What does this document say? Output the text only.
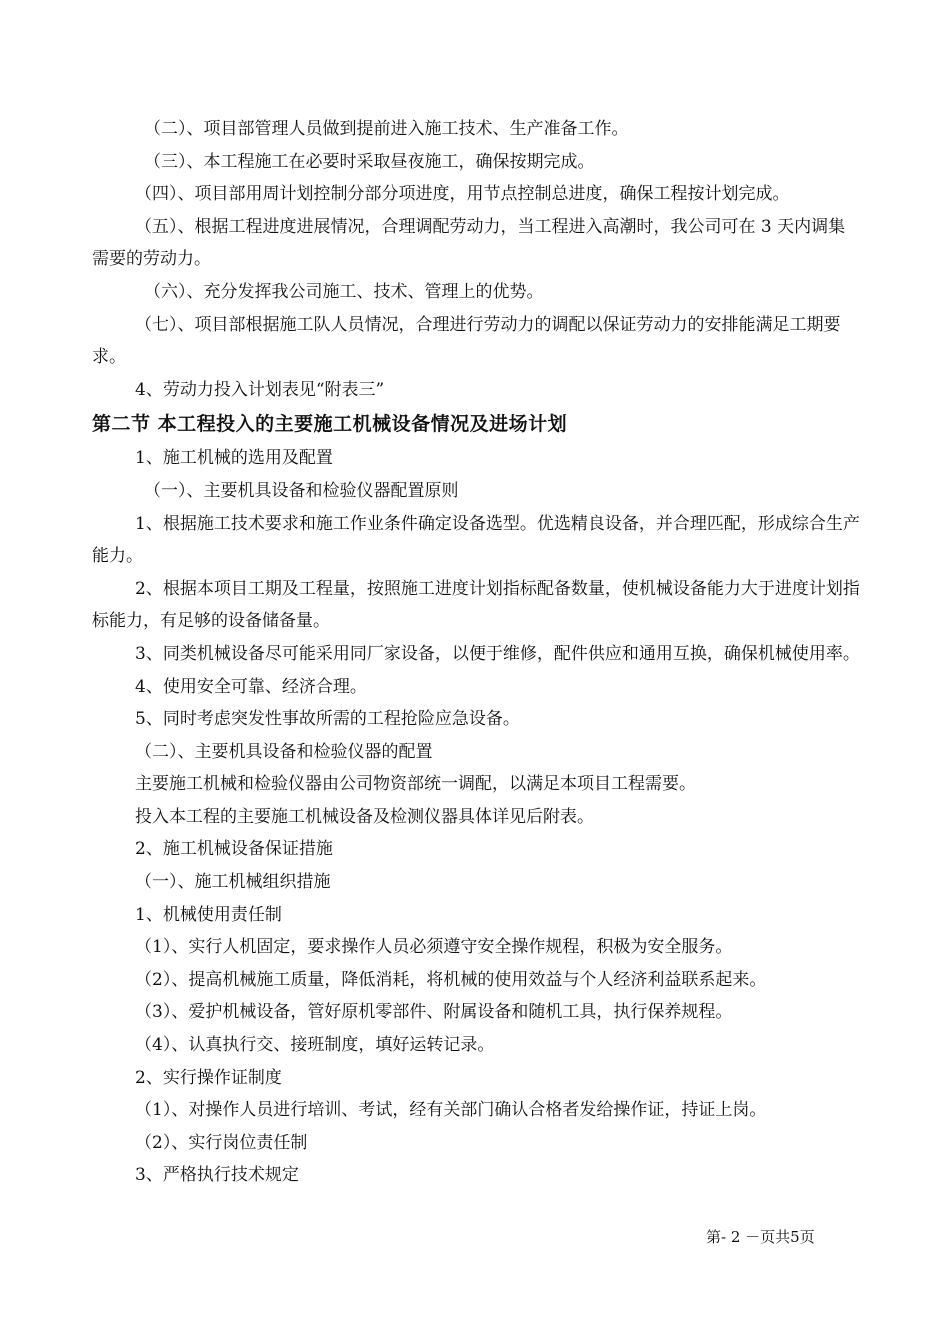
（二）、项目部管理人员做到提前进入施工技术、生产准备工作。

（三）、本工程施工在必要时采取昼夜施工，确保按期完成。

（四）、项目部用周计划控制分部分项进度，用节点控制总进度，确保工程按计划完成。

（五）、根据工程进度进展情况，合理调配劳动力，当工程进入高潮时，我公司可在 3 天内调集需要的劳动力。

（六）、充分发挥我公司施工、技术、管理上的优势。

（七）、项目部根据施工队人员情况，合理进行劳动力的调配以保证劳动力的安排能满足工期要求。

4、劳动力投入计划表见“附表三”

第二节 本工程投入的主要施工机械设备情况及进场计划

1、施工机械的选用及配置

（一）、主要机具设备和检验仪器配置原则

1、根据施工技术要求和施工作业条件确定设备选型。优选精良设备，并合理匹配，形成综合生产能力。

2、根据本项目工期及工程量，按照施工进度计划指标配备数量，使机械设备能力大于进度计划指标能力，有足够的设备储备量。

3、同类机械设备尽可能采用同厂家设备，以便于维修，配件供应和通用互换，确保机械使用率。

4、使用安全可靠、经济合理。

5、同时考虑突发性事故所需的工程抢险应急设备。

（二）、主要机具设备和检验仪器的配置

主要施工机械和检验仪器由公司物资部统一调配，以满足本项目工程需要。

投入本工程的主要施工机械设备及检测仪器具体详见后附表。

2、施工机械设备保证措施

（一）、施工机械组织措施

1、机械使用责任制

（1）、实行人机固定，要求操作人员必须遵守安全操作规程，积极为安全服务。

（2）、提高机械施工质量，降低消耗，将机械的使用效益与个人经济利益联系起来。

（3）、爱护机械设备，管好原机零部件、附属设备和随机工具，执行保养规程。

（4）、认真执行交、接班制度，填好运转记录。

2、实行操作证制度

（1）、对操作人员进行培训、考试，经有关部门确认合格者发给操作证，持证上岗。

（2）、实行岗位责任制

3、严格执行技术规定

第- 2 －页共5页
